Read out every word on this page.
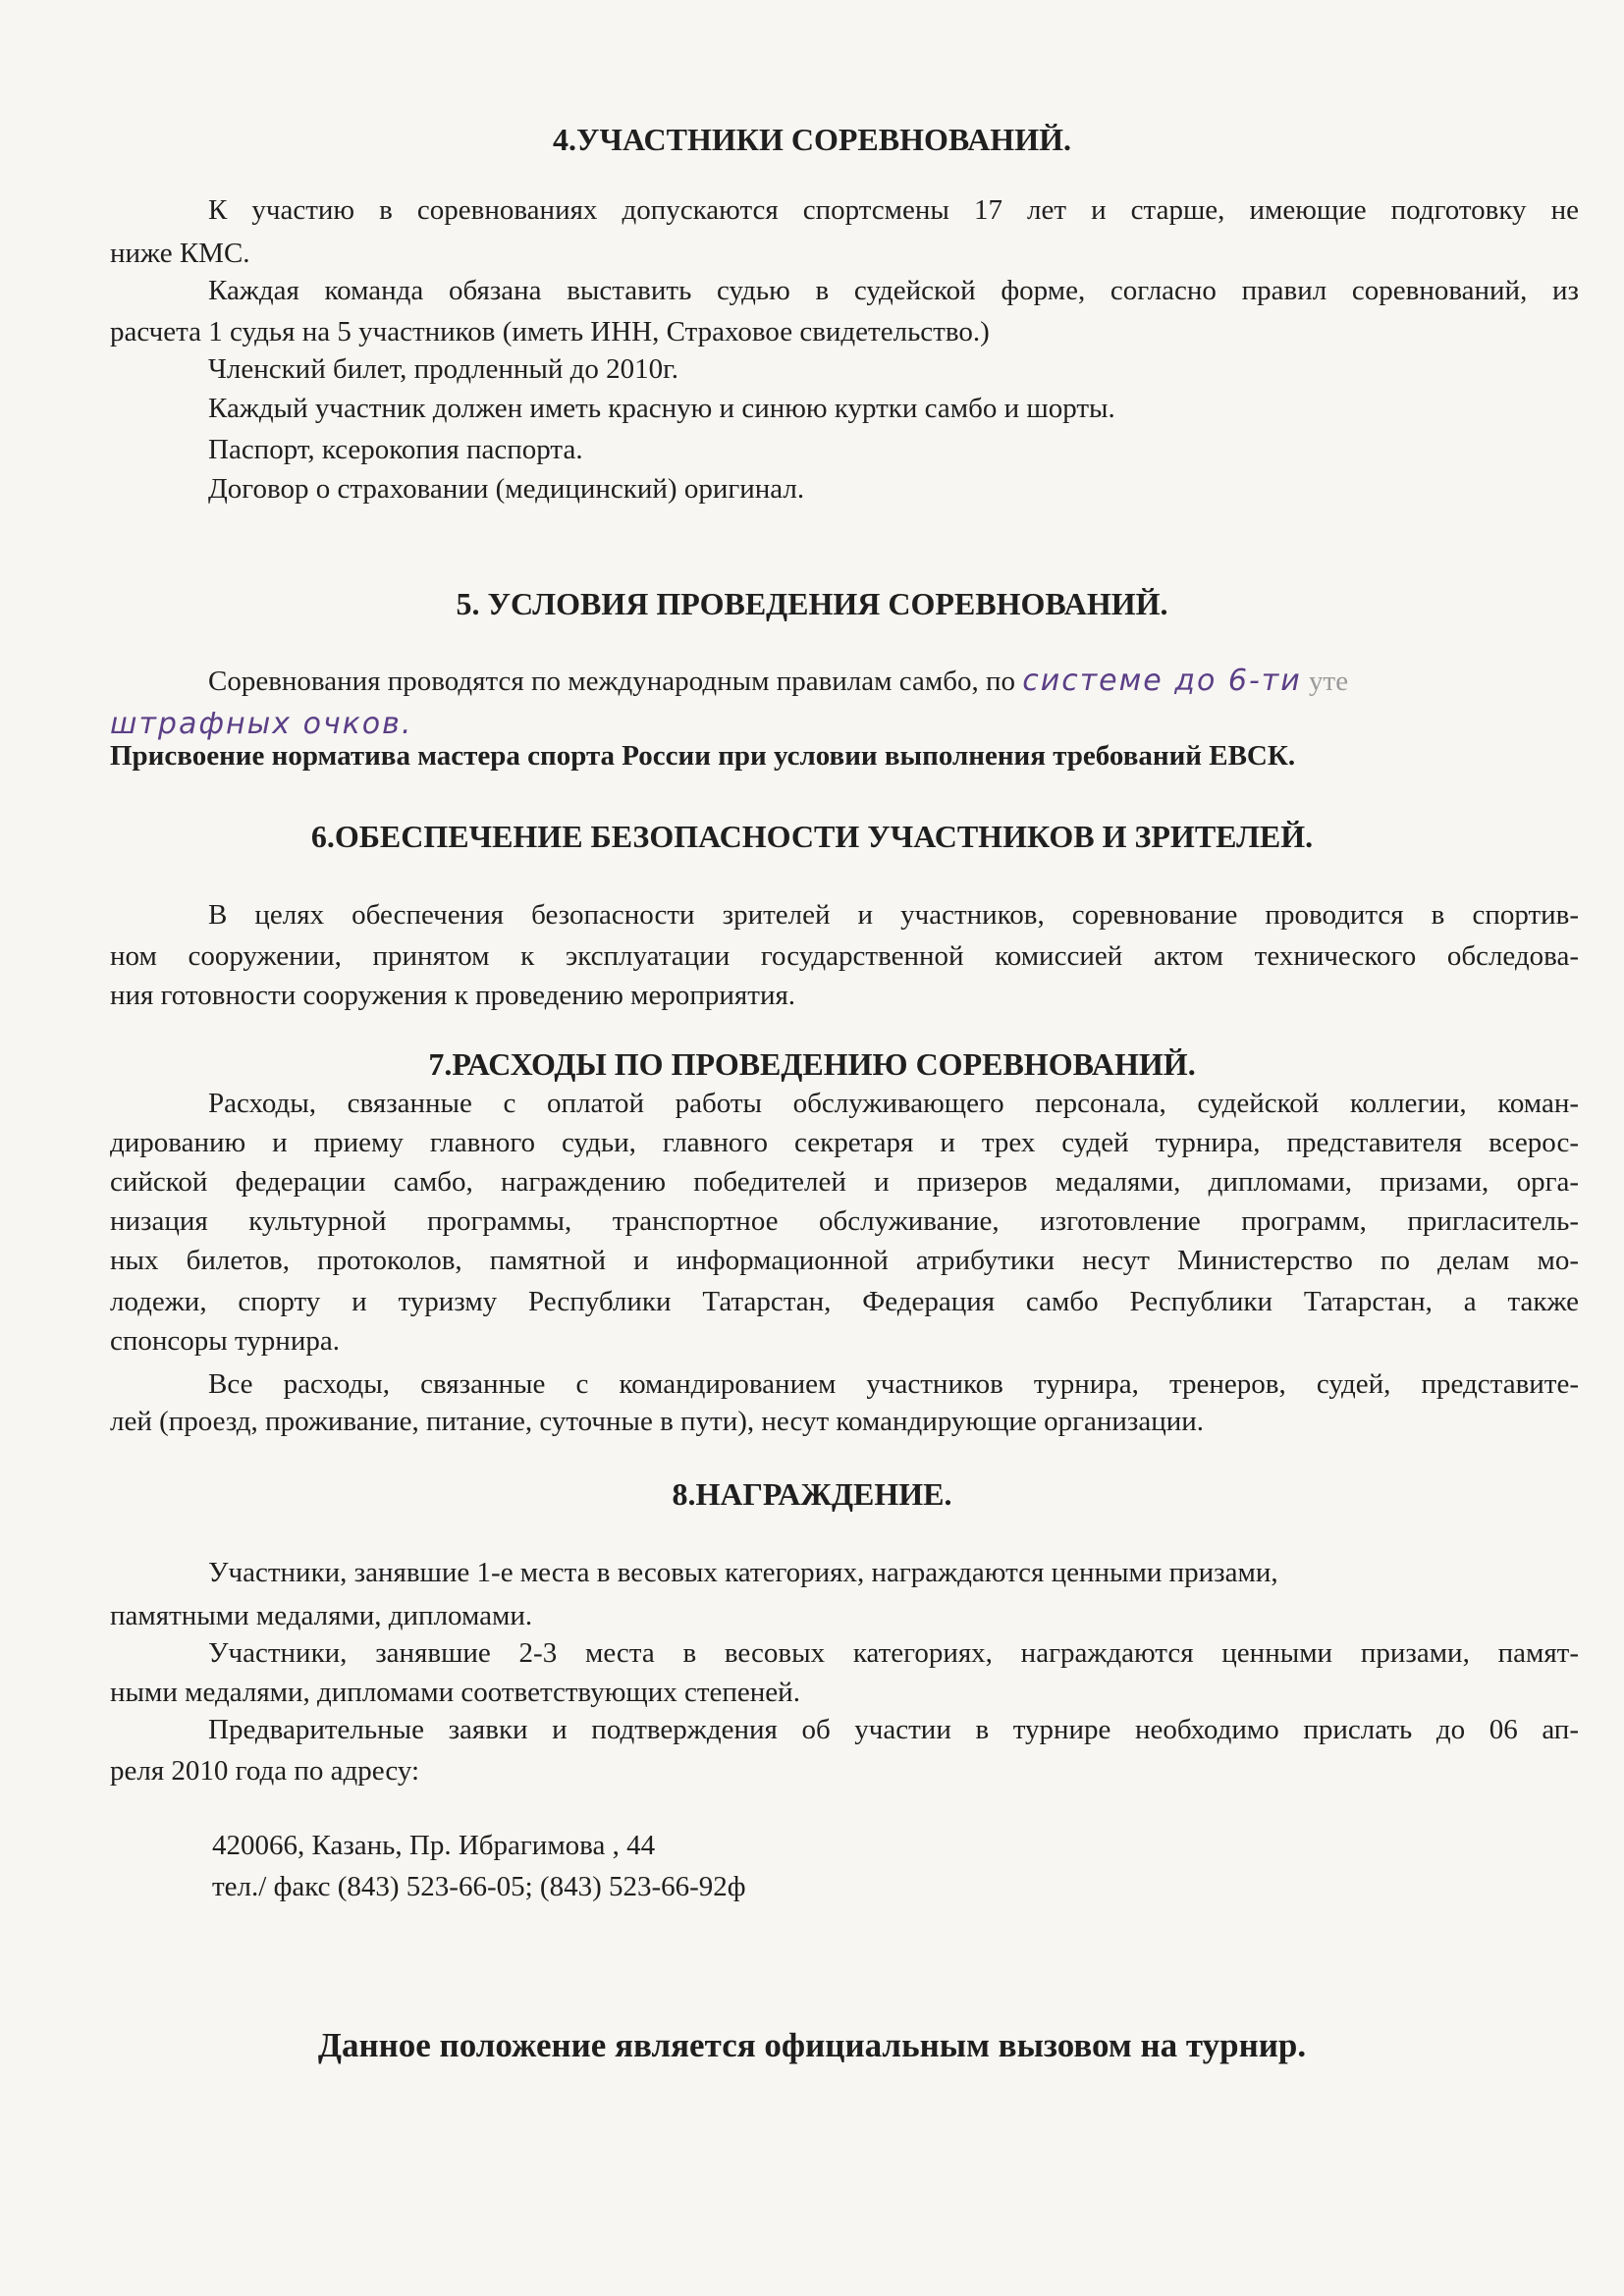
4.УЧАСТНИКИ СОРЕВНОВАНИЙ.

К участию в соревнованиях допускаются спортсмены 17 лет и старше, имеющие подготовку не

ниже КМС.

Каждая команда обязана выставить судью в судейской форме, согласно правил соревнований, из

расчета 1 судья на 5 участников (иметь ИНН, Страховое свидетельство.)

Членский билет, продленный до 2010г.

Каждый участник должен иметь красную и синюю куртки самбо и шорты.

Паспорт, ксерокопия паспорта.

Договор о страховании (медицинский) оригинал.

5. УСЛОВИЯ ПРОВЕДЕНИЯ СОРЕВНОВАНИЙ.

Соревнования проводятся по международным правилам самбо, по системе до 6-ти уте

штрафных очков.

Присвоение норматива мастера спорта России при условии выполнения требований ЕВСК.

6.ОБЕСПЕЧЕНИЕ БЕЗОПАСНОСТИ УЧАСТНИКОВ И ЗРИТЕЛЕЙ.

В целях обеспечения безопасности зрителей и участников, соревнование проводится в спортив-

ном сооружении, принятом к эксплуатации государственной комиссией актом технического обследова-

ния готовности сооружения к проведению мероприятия.

7.РАСХОДЫ ПО ПРОВЕДЕНИЮ СОРЕВНОВАНИЙ.

Расходы, связанные с оплатой работы обслуживающего персонала, судейской коллегии, коман-

дированию и приему главного судьи, главного секретаря и трех судей турнира, представителя всерос-

сийской федерации самбо, награждению победителей и призеров медалями, дипломами, призами, орга-

низация культурной программы, транспортное обслуживание, изготовление программ, пригласитель-

ных билетов, протоколов, памятной и информационной атрибутики несут Министерство по делам мо-

лодежи, спорту и туризму Республики Татарстан, Федерация самбо Республики Татарстан, а также

спонсоры турнира.

Все расходы, связанные с командированием участников турнира, тренеров, судей, представите-

лей (проезд, проживание, питание, суточные в пути), несут командирующие организации.

8.НАГРАЖДЕНИЕ.

Участники, занявшие 1-е места в весовых категориях, награждаются ценными призами,

памятными медалями, дипломами.

Участники, занявшие 2-3 места в весовых категориях, награждаются ценными призами, памят-

ными медалями, дипломами соответствующих степеней.

Предварительные заявки и подтверждения об участии в турнире необходимо прислать до 06 ап-

реля 2010 года по адресу:

420066, Казань, Пр. Ибрагимова , 44

тел./ факс (843) 523-66-05; (843) 523-66-92ф

Данное положение является официальным вызовом на турнир.
